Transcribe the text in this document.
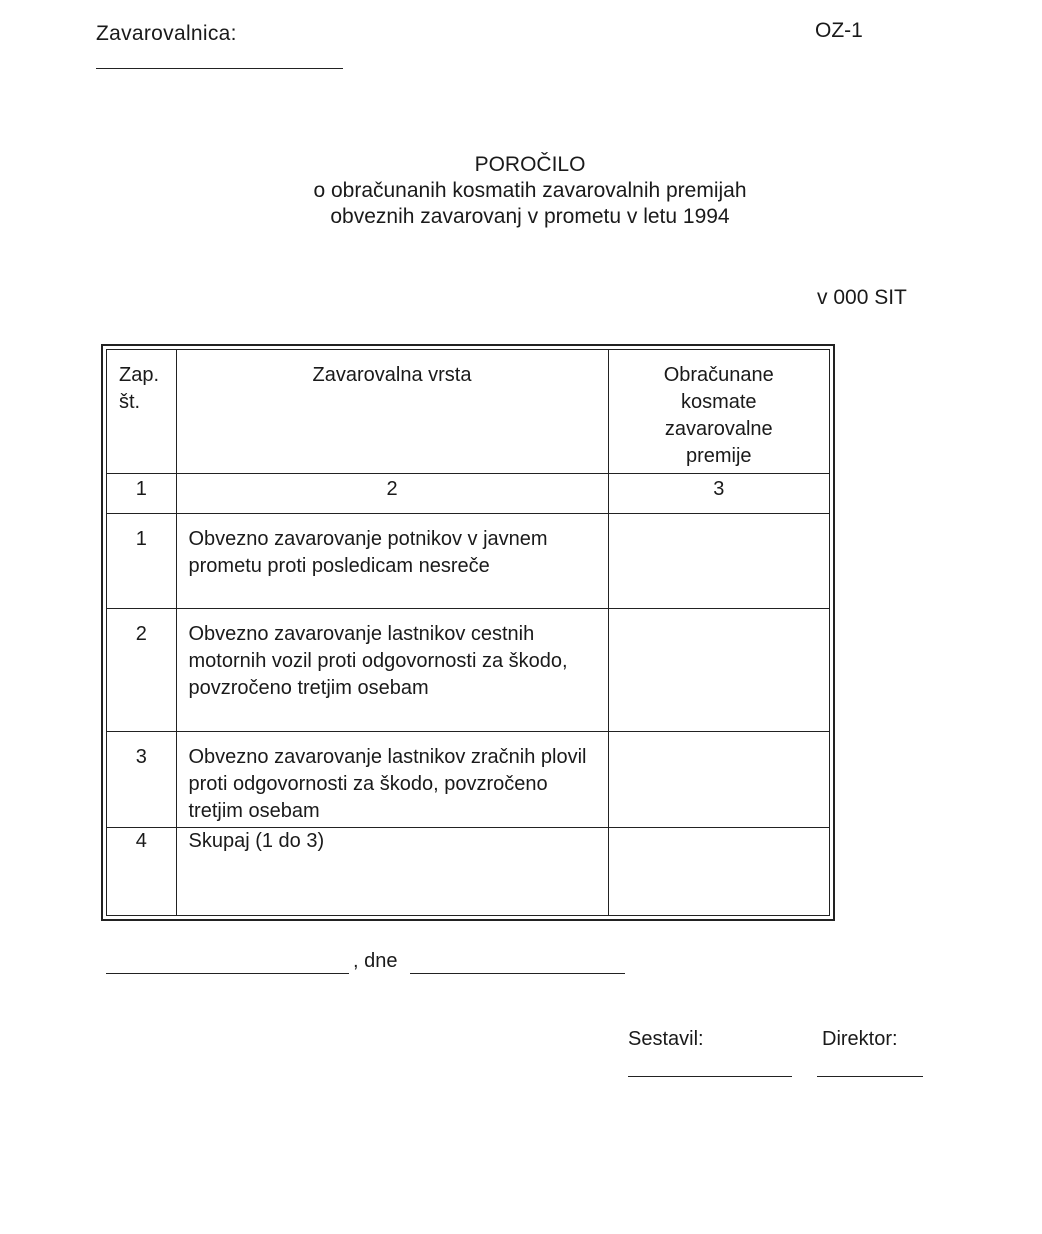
Zavarovalnica:	OZ-1
POROČILO
o obračunanih kosmatih zavarovalnih premijah
obveznih zavarovanj v prometu v letu 1994
v 000 SIT
Zap. št.	Zavarovalna vrsta	Obračunane kosmate zavarovalne premije
1	2	3
1	Obvezno zavarovanje potnikov v javnem prometu proti posledicam nesreče	
2	Obvezno zavarovanje lastnikov cestnih motornih vozil proti odgovornosti za škodo, povzročeno tretjim osebam	
3	Obvezno zavarovanje lastnikov zračnih plovil proti odgovornosti za škodo, povzročeno tretjim osebam	
4	Skupaj (1 do 3)	
, dne
Sestavil:	Direktor:
